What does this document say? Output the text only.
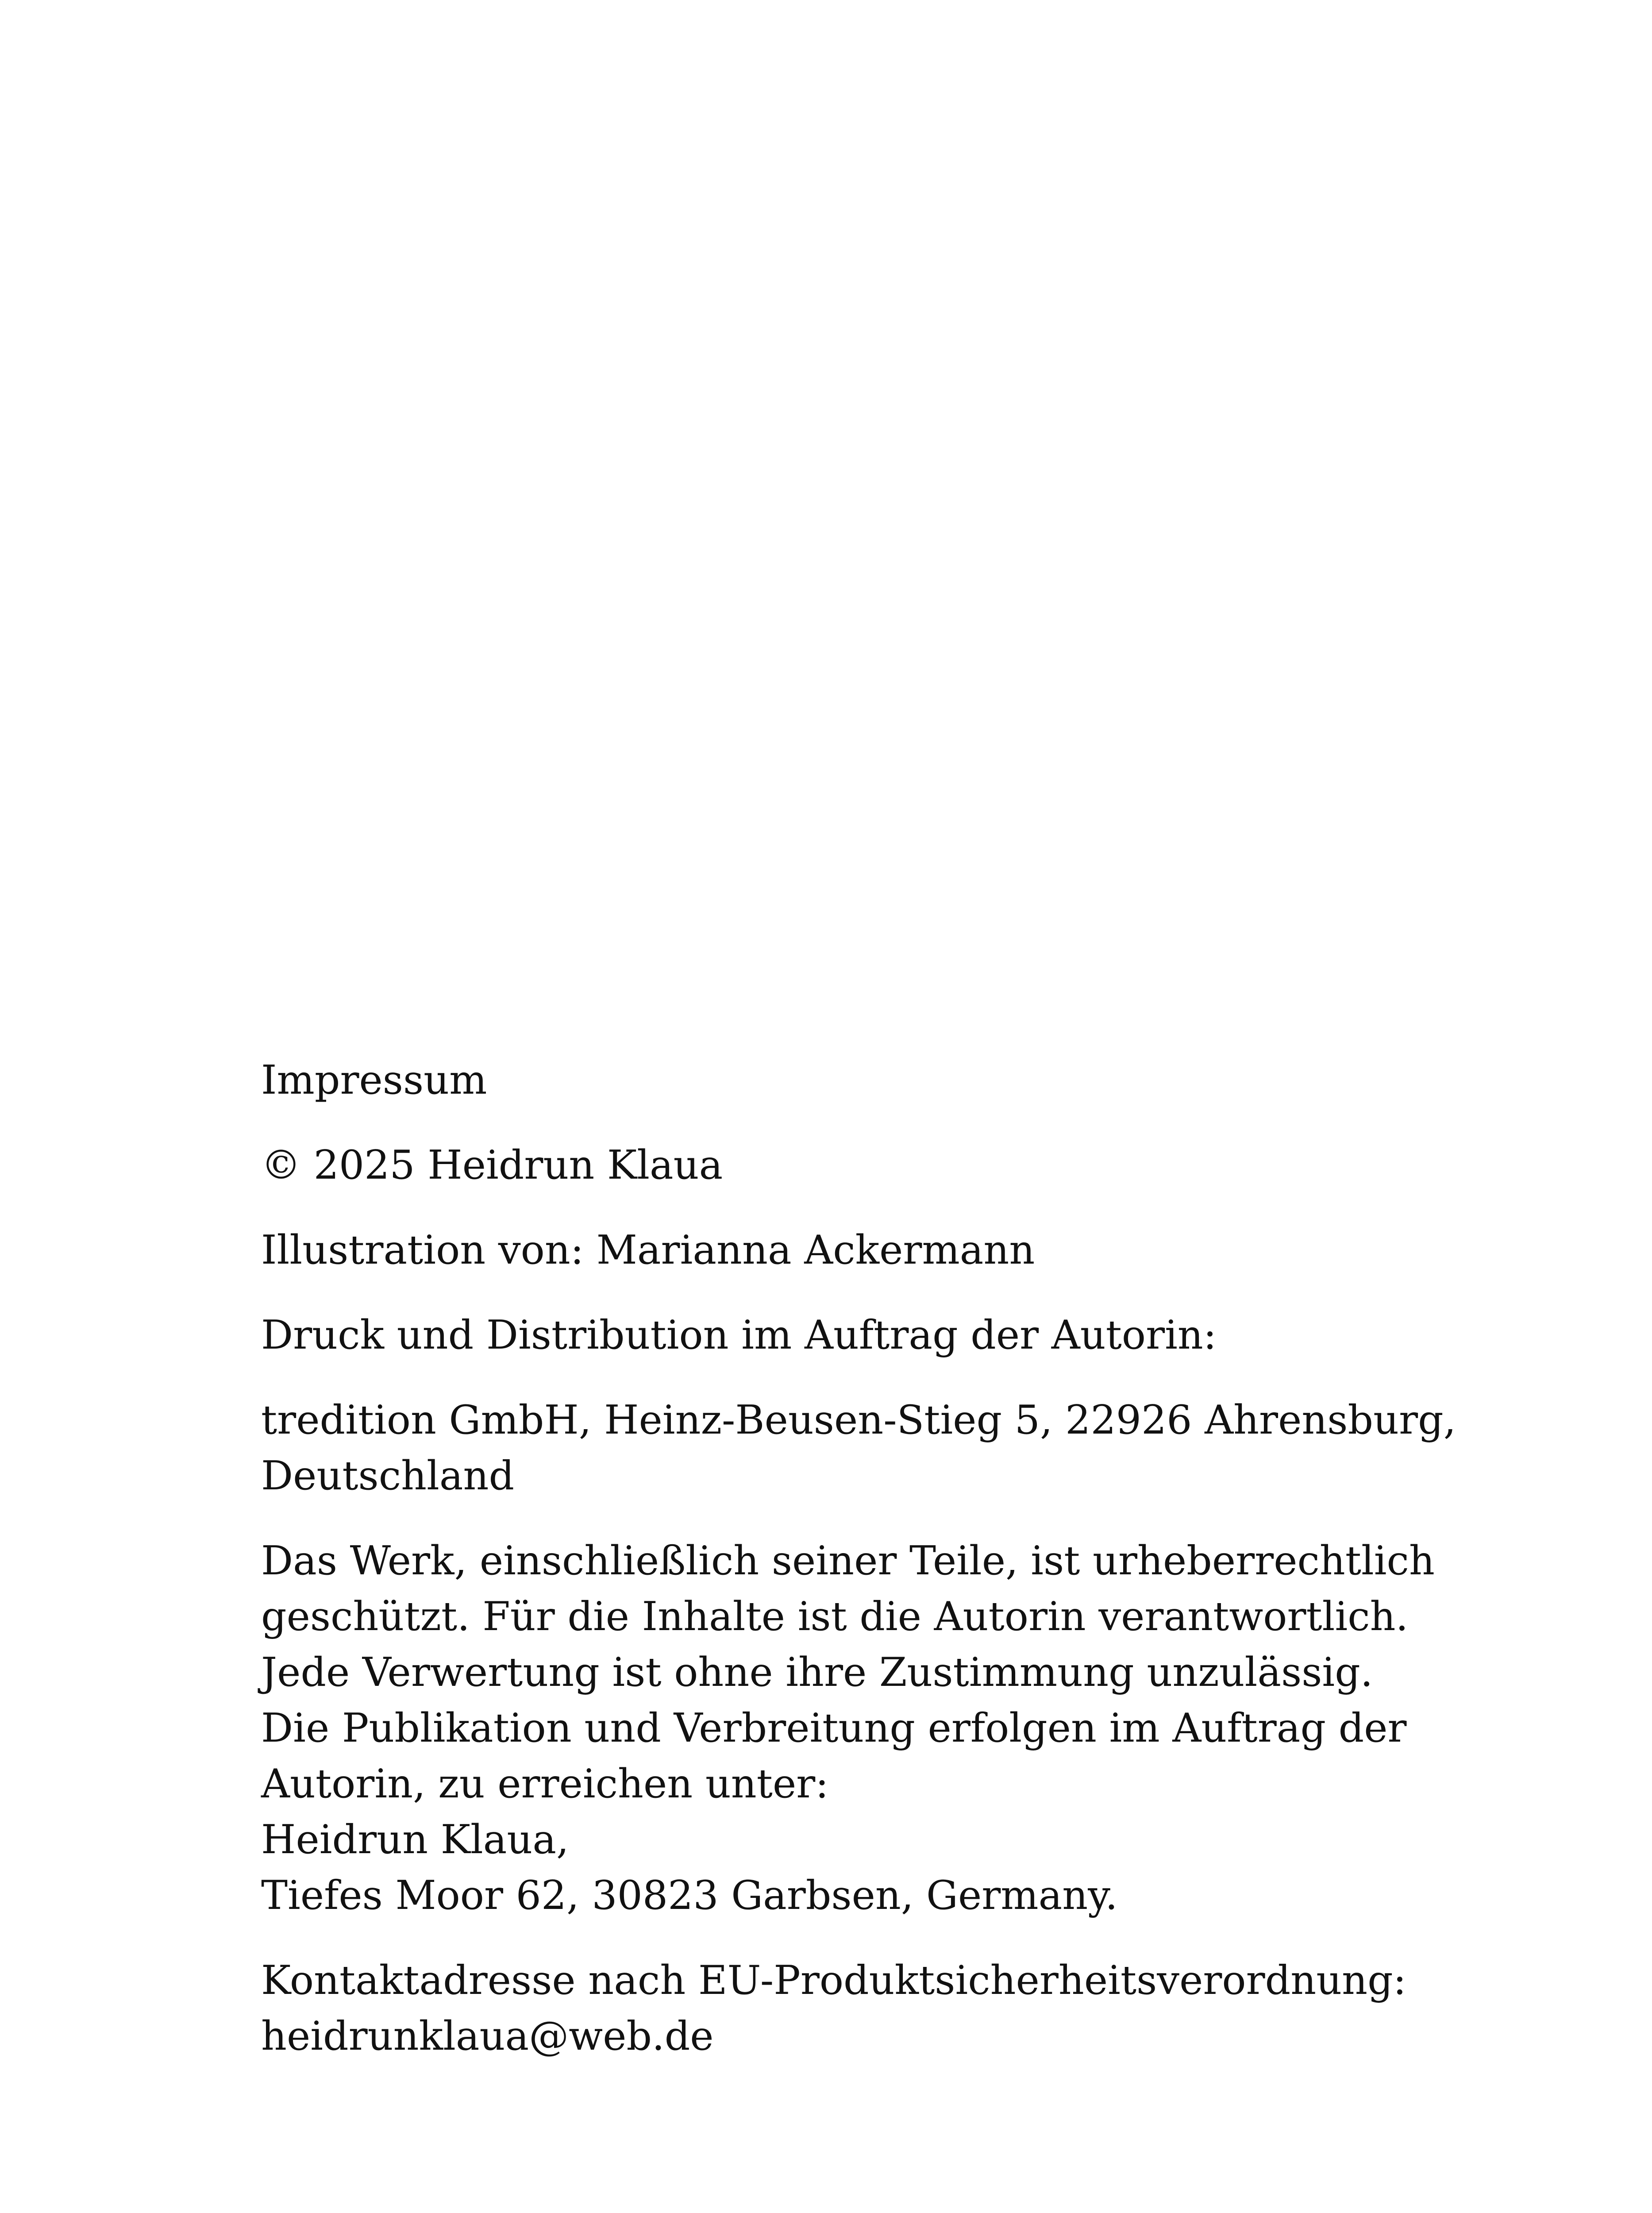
Impressum

© 2025 Heidrun Klaua

Illustration von: Marianna Ackermann

Druck und Distribution im Auftrag der Autorin:

tredition GmbH, Heinz-Beusen-Stieg 5, 22926 Ahrensburg,
Deutschland

Das Werk, einschließlich seiner Teile, ist urheberrechtlich
geschützt. Für die Inhalte ist die Autorin verantwortlich.
Jede Verwertung ist ohne ihre Zustimmung unzulässig.
Die Publikation und Verbreitung erfolgen im Auftrag der
Autorin, zu erreichen unter:
Heidrun Klaua,
Tiefes Moor 62, 30823 Garbsen, Germany.

Kontaktadresse nach EU-Produktsicherheitsverordnung:
heidrunklaua@web.de
